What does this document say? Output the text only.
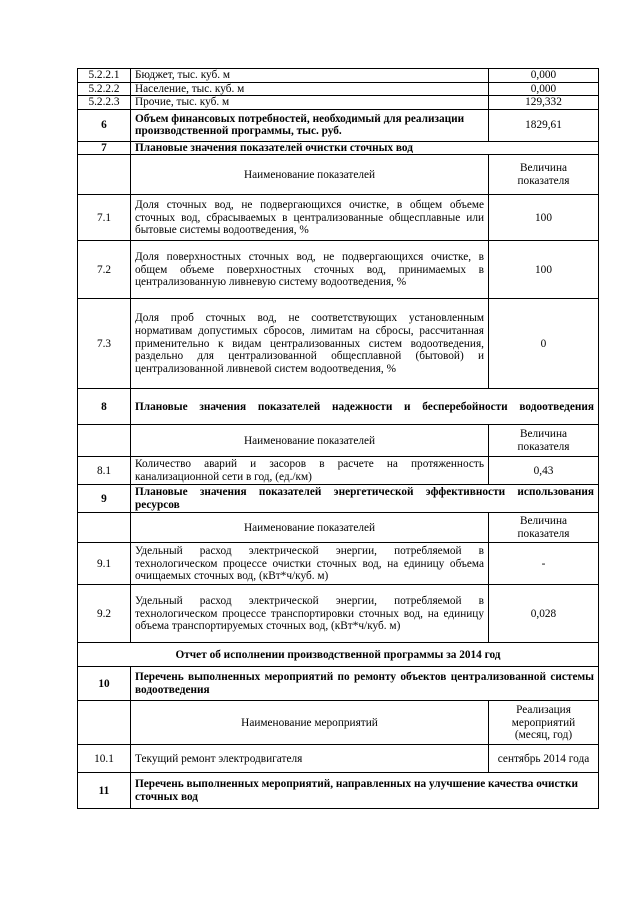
5.2.2.1	Бюджет, тыс. куб. м	0,000
5.2.2.2	Население, тыс. куб. м	0,000
5.2.2.3	Прочие, тыс. куб. м	129,332
6	Объем финансовых потребностей, необходимый для реализации производственной программы, тыс. руб.	1829,61
7	Плановые значения показателей очистки сточных вод	
	Наименование показателей	Величина показателя
7.1	Доля сточных вод, не подвергающихся очистке, в общем объеме сточных вод, сбрасываемых в централизованные общесплавные или бытовые системы водоотведения, %	100
7.2	Доля поверхностных сточных вод, не подвергающихся очистке, в общем объеме поверхностных сточных вод, принимаемых в централизованную ливневую систему водоотведения, %	100
7.3	Доля проб сточных вод, не соответствующих установленным нормативам допустимых сбросов, лимитам на сбросы, рассчитанная применительно к видам централизованных систем водоотведения, раздельно для централизованной общесплавной (бытовой) и централизованной ливневой систем водоотведения, %	0
8	Плановые значения показателей надежности и бесперебойности водоотведения	
	Наименование показателей	Величина показателя
8.1	Количество аварий и засоров в расчете на протяженность канализационной сети в год, (ед./км)	0,43
9	Плановые значения показателей энергетической эффективности использования ресурсов	
	Наименование показателей	Величина показателя
9.1	Удельный расход электрической энергии, потребляемой в технологическом процессе очистки сточных вод, на единицу объема очищаемых сточных вод, (кВт*ч/куб. м)	-
9.2	Удельный расход электрической энергии, потребляемой в технологическом процессе транспортировки сточных вод, на единицу объема транспортируемых сточных вод, (кВт*ч/куб. м)	0,028
Отчет об исполнении производственной программы за 2014 год		
10	Перечень выполненных мероприятий по ремонту объектов централизованной системы водоотведения	
	Наименование мероприятий	Реализация мероприятий (месяц, год)
10.1	Текущий ремонт электродвигателя	сентябрь 2014 года
11	Перечень выполненных мероприятий, направленных на улучшение качества очистки сточных вод	
